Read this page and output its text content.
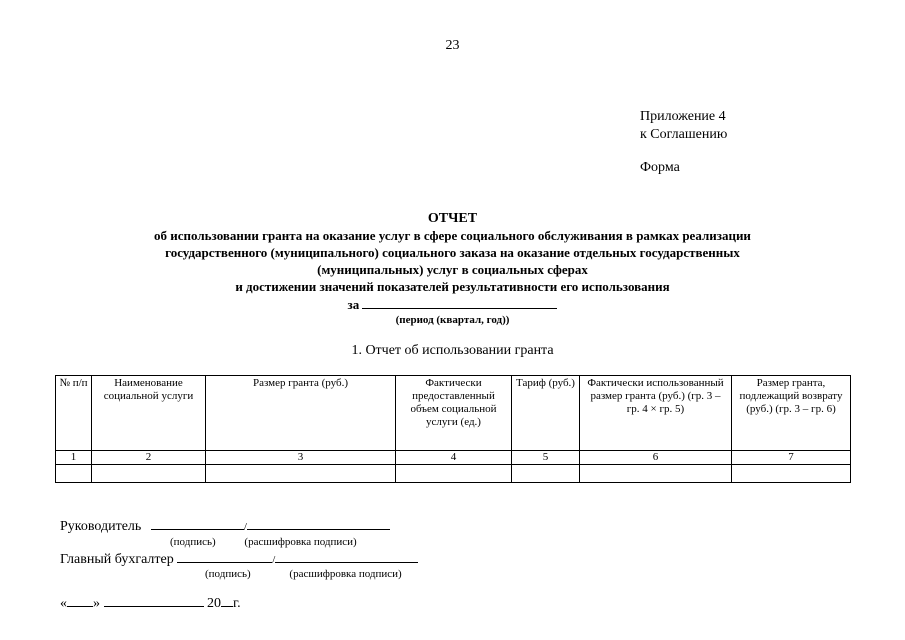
23
Приложение 4
к Соглашению
Форма
ОТЧЕТ
об использовании гранта на оказание услуг в сфере социального обслуживания в рамках реализации
государственного (муниципального) социального заказа на оказание отдельных государственных
(муниципальных) услуг в социальных сферах
и достижении значений показателей результативности его использования
за
(период (квартал, год))
1. Отчет об использовании гранта
№ п/п	Наименование социальной услуги	Размер гранта (руб.)	Фактически предоставленный объем социальной услуги (ед.)	Тариф (руб.)	Фактически использованный размер гранта (руб.) (гр. 3 – гр. 4 × гр. 5)	Размер гранта, подлежащий возврату (руб.) (гр. 3 – гр. 6)
1	2	3	4	5	6	7

Руководитель	/
(подпись)	(расшифровка подписи)
Главный бухгалтер	/
(подпись)	(расшифровка подписи)
« »	20 г.
